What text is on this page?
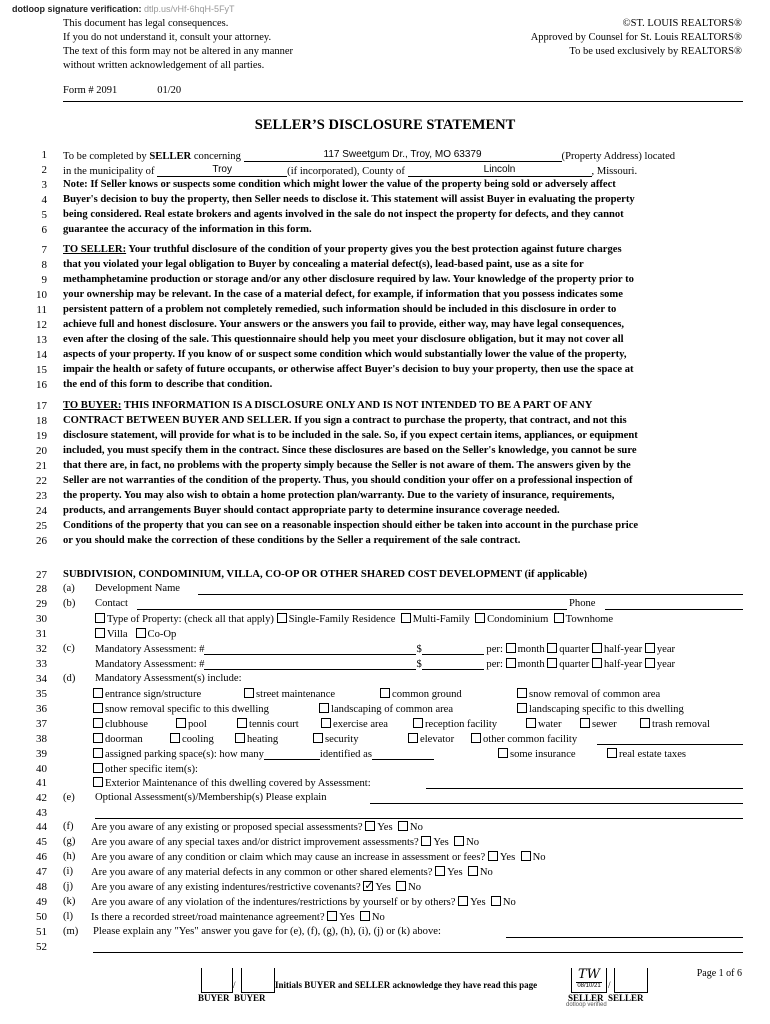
dotloop signature verification: dtlp.us/vHf-6hqH-5FyT
This document has legal consequences.
If you do not understand it, consult your attorney.
The text of this form may not be altered in any manner
without written acknowledgement of all parties.
©ST. LOUIS REALTORS®
Approved by Counsel for St. Louis REALTORS®
To be used exclusively by REALTORS®
Form # 2091	01/20
SELLER’S DISCLOSURE STATEMENT
1
2
3
4
5
6
7
8
9
10
11
12
13
14
15
16
17
18
19
20
21
22
23
24
25
26
27
28
29
30
31
32
33
34
35
36
37
38
39
40
41
42
43
44
45
46
47
48
49
50
51
52
To be completed by SELLER concerning	117 Sweetgum Dr., Troy, MO 63379	(Property Address) located
in the municipality of	Troy	(if incorporated), County of	Lincoln	, Missouri.
Note: If Seller knows or suspects some condition which might lower the value of the property being sold or adversely affect
Buyer's decision to buy the property, then Seller needs to disclose it. This statement will assist Buyer in evaluating the property
being considered. Real estate brokers and agents involved in the sale do not inspect the property for defects, and they cannot
guarantee the accuracy of the information in this form.
TO SELLER: Your truthful disclosure of the condition of your property gives you the best protection against future charges
that you violated your legal obligation to Buyer by concealing a material defect(s), lead-based paint, use as a site for
methamphetamine production or storage and/or any other disclosure required by law. Your knowledge of the property prior to
your ownership may be relevant. In the case of a material defect, for example, if information that you possess indicates some
persistent pattern of a problem not completely remedied, such information should be included in this disclosure in order to
achieve full and honest disclosure. Your answers or the answers you fail to provide, either way, may have legal consequences,
even after the closing of the sale. This questionnaire should help you meet your disclosure obligation, but it may not cover all
aspects of your property. If you know of or suspect some condition which would substantially lower the value of the property,
impair the health or safety of future occupants, or otherwise affect Buyer's decision to buy your property, then use the space at
the end of this form to describe that condition.
TO BUYER: THIS INFORMATION IS A DISCLOSURE ONLY AND IS NOT INTENDED TO BE A PART OF ANY
CONTRACT BETWEEN BUYER AND SELLER. If you sign a contract to purchase the property, that contract, and not this
disclosure statement, will provide for what is to be included in the sale. So, if you expect certain items, appliances, or equipment
included, you must specify them in the contract. Since these disclosures are based on the Seller's knowledge, you cannot be sure
that there are, in fact, no problems with the property simply because the Seller is not aware of them. The answers given by the
Seller are not warranties of the condition of the property. Thus, you should condition your offer on a professional inspection of
the property. You may also wish to obtain a home protection plan/warranty. Due to the variety of insurance, requirements,
products, and arrangements Buyer should contact appropriate party to determine insurance coverage needed.
Conditions of the property that you can see on a reasonable inspection should either be taken into account in the purchase price
or you should make the correction of these conditions by the Seller a requirement of the sale contract.
SUBDIVISION, CONDOMINIUM, VILLA, CO-OP OR OTHER SHARED COST DEVELOPMENT (if applicable)
(a) Development Name
(b) Contact	Phone
Type of Property: (check all that apply) Single-Family Residence Multi-Family Condominium Townhome
Villa Co-Op
(c) Mandatory Assessment: #	$	per: month quarter half-year year
Mandatory Assessment: #	$	per: month quarter half-year year
(d) Mandatory Assessment(s) include:
entrance sign/structure	street maintenance	common ground	snow removal of common area
snow removal specific to this dwelling	landscaping of common area	landscaping specific to this dwelling
clubhouse	pool	tennis court	exercise area	reception facility	water	sewer	trash removal
doorman	cooling	heating	security	elevator	other common facility
assigned parking space(s): how many	identified as	some insurance	real estate taxes
other specific item(s):
Exterior Maintenance of this dwelling covered by Assessment:
(e) Optional Assessment(s)/Membership(s) Please explain
(f) Are you aware of any existing or proposed special assessments? Yes No
(g) Are you aware of any special taxes and/or district improvement assessments? Yes No
(h) Are you aware of any condition or claim which may cause an increase in assessment or fees? Yes No
(i) Are you aware of any material defects in any common or other shared elements? Yes No
(j) Are you aware of any existing indentures/restrictive covenants? ✓ Yes No
(k) Are you aware of any violation of the indentures/restrictions by yourself or by others? Yes No
(l) Is there a recorded street/road maintenance agreement? Yes No
(m) Please explain any "Yes" answer you gave for (e), (f), (g), (h), (i), (j) or (k) above:
/	Initials BUYER and SELLER acknowledge they have read this page
TW
08/10/21 /
BUYER BUYER	SELLER SELLER
dotloop verified
Page 1 of 6
